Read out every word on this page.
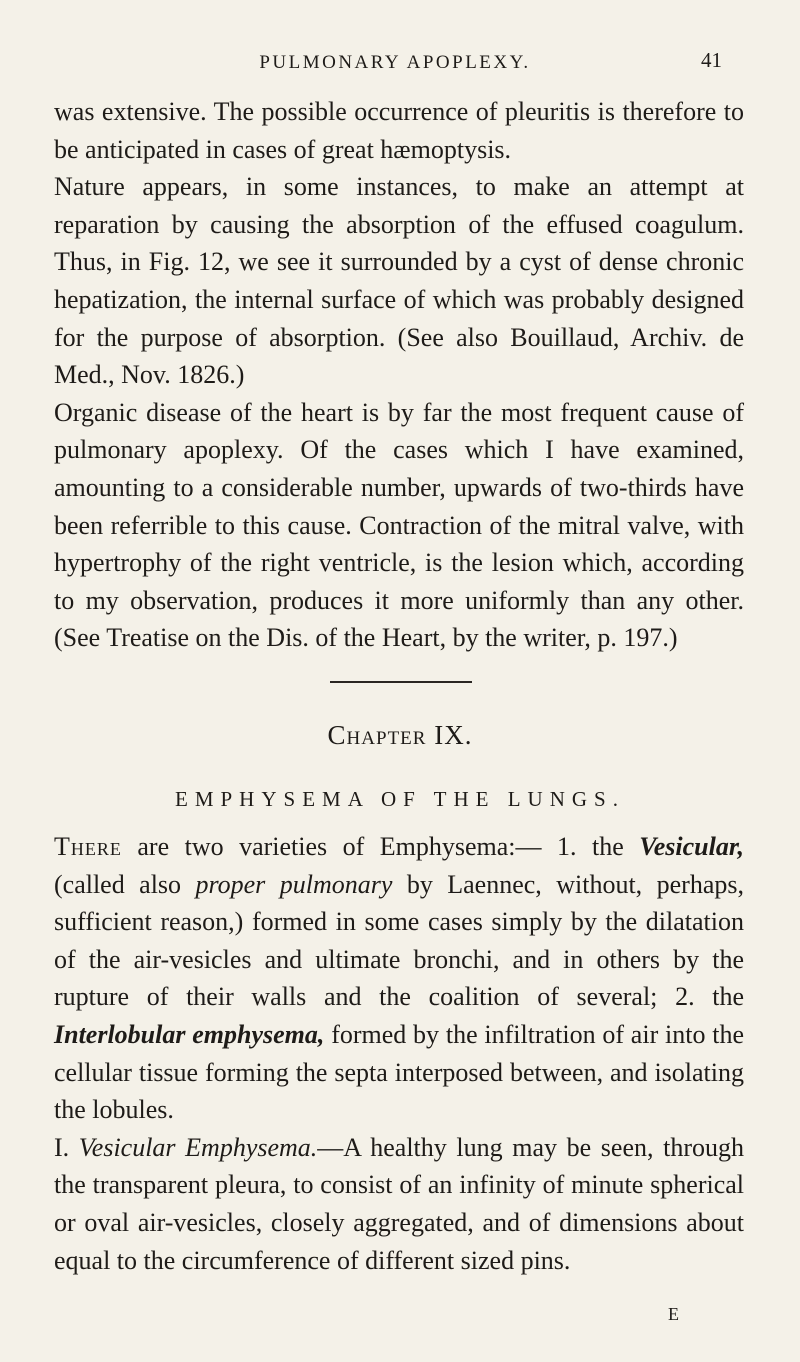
PULMONARY APOPLEXY.	41

was extensive. The possible occurrence of pleuritis is therefore to be anticipated in cases of great hæmoptysis.

Nature appears, in some instances, to make an attempt at reparation by causing the absorption of the effused coagulum. Thus, in Fig. 12, we see it surrounded by a cyst of dense chronic hepatization, the internal surface of which was probably designed for the purpose of absorption. (See also Bouillaud, Archiv. de Med., Nov. 1826.)

Organic disease of the heart is by far the most frequent cause of pulmonary apoplexy. Of the cases which I have examined, amounting to a considerable number, upwards of two-thirds have been referrible to this cause. Contraction of the mitral valve, with hypertrophy of the right ventricle, is the lesion which, according to my observation, produces it more uniformly than any other. (See Treatise on the Dis. of the Heart, by the writer, p. 197.)

Chapter IX.
EMPHYSEMA OF THE LUNGS.

There are two varieties of Emphysema:— 1. the Vesicular, (called also proper pulmonary by Laennec, without, perhaps, sufficient reason,) formed in some cases simply by the dilatation of the air-vesicles and ultimate bronchi, and in others by the rupture of their walls and the coalition of several; 2. the Interlobular emphysema, formed by the infiltration of air into the cellular tissue forming the septa interposed between, and isolating the lobules.

I. Vesicular Emphysema.—A healthy lung may be seen, through the transparent pleura, to consist of an infinity of minute spherical or oval air-vesicles, closely aggregated, and of dimensions about equal to the circumference of different sized pins.

E
